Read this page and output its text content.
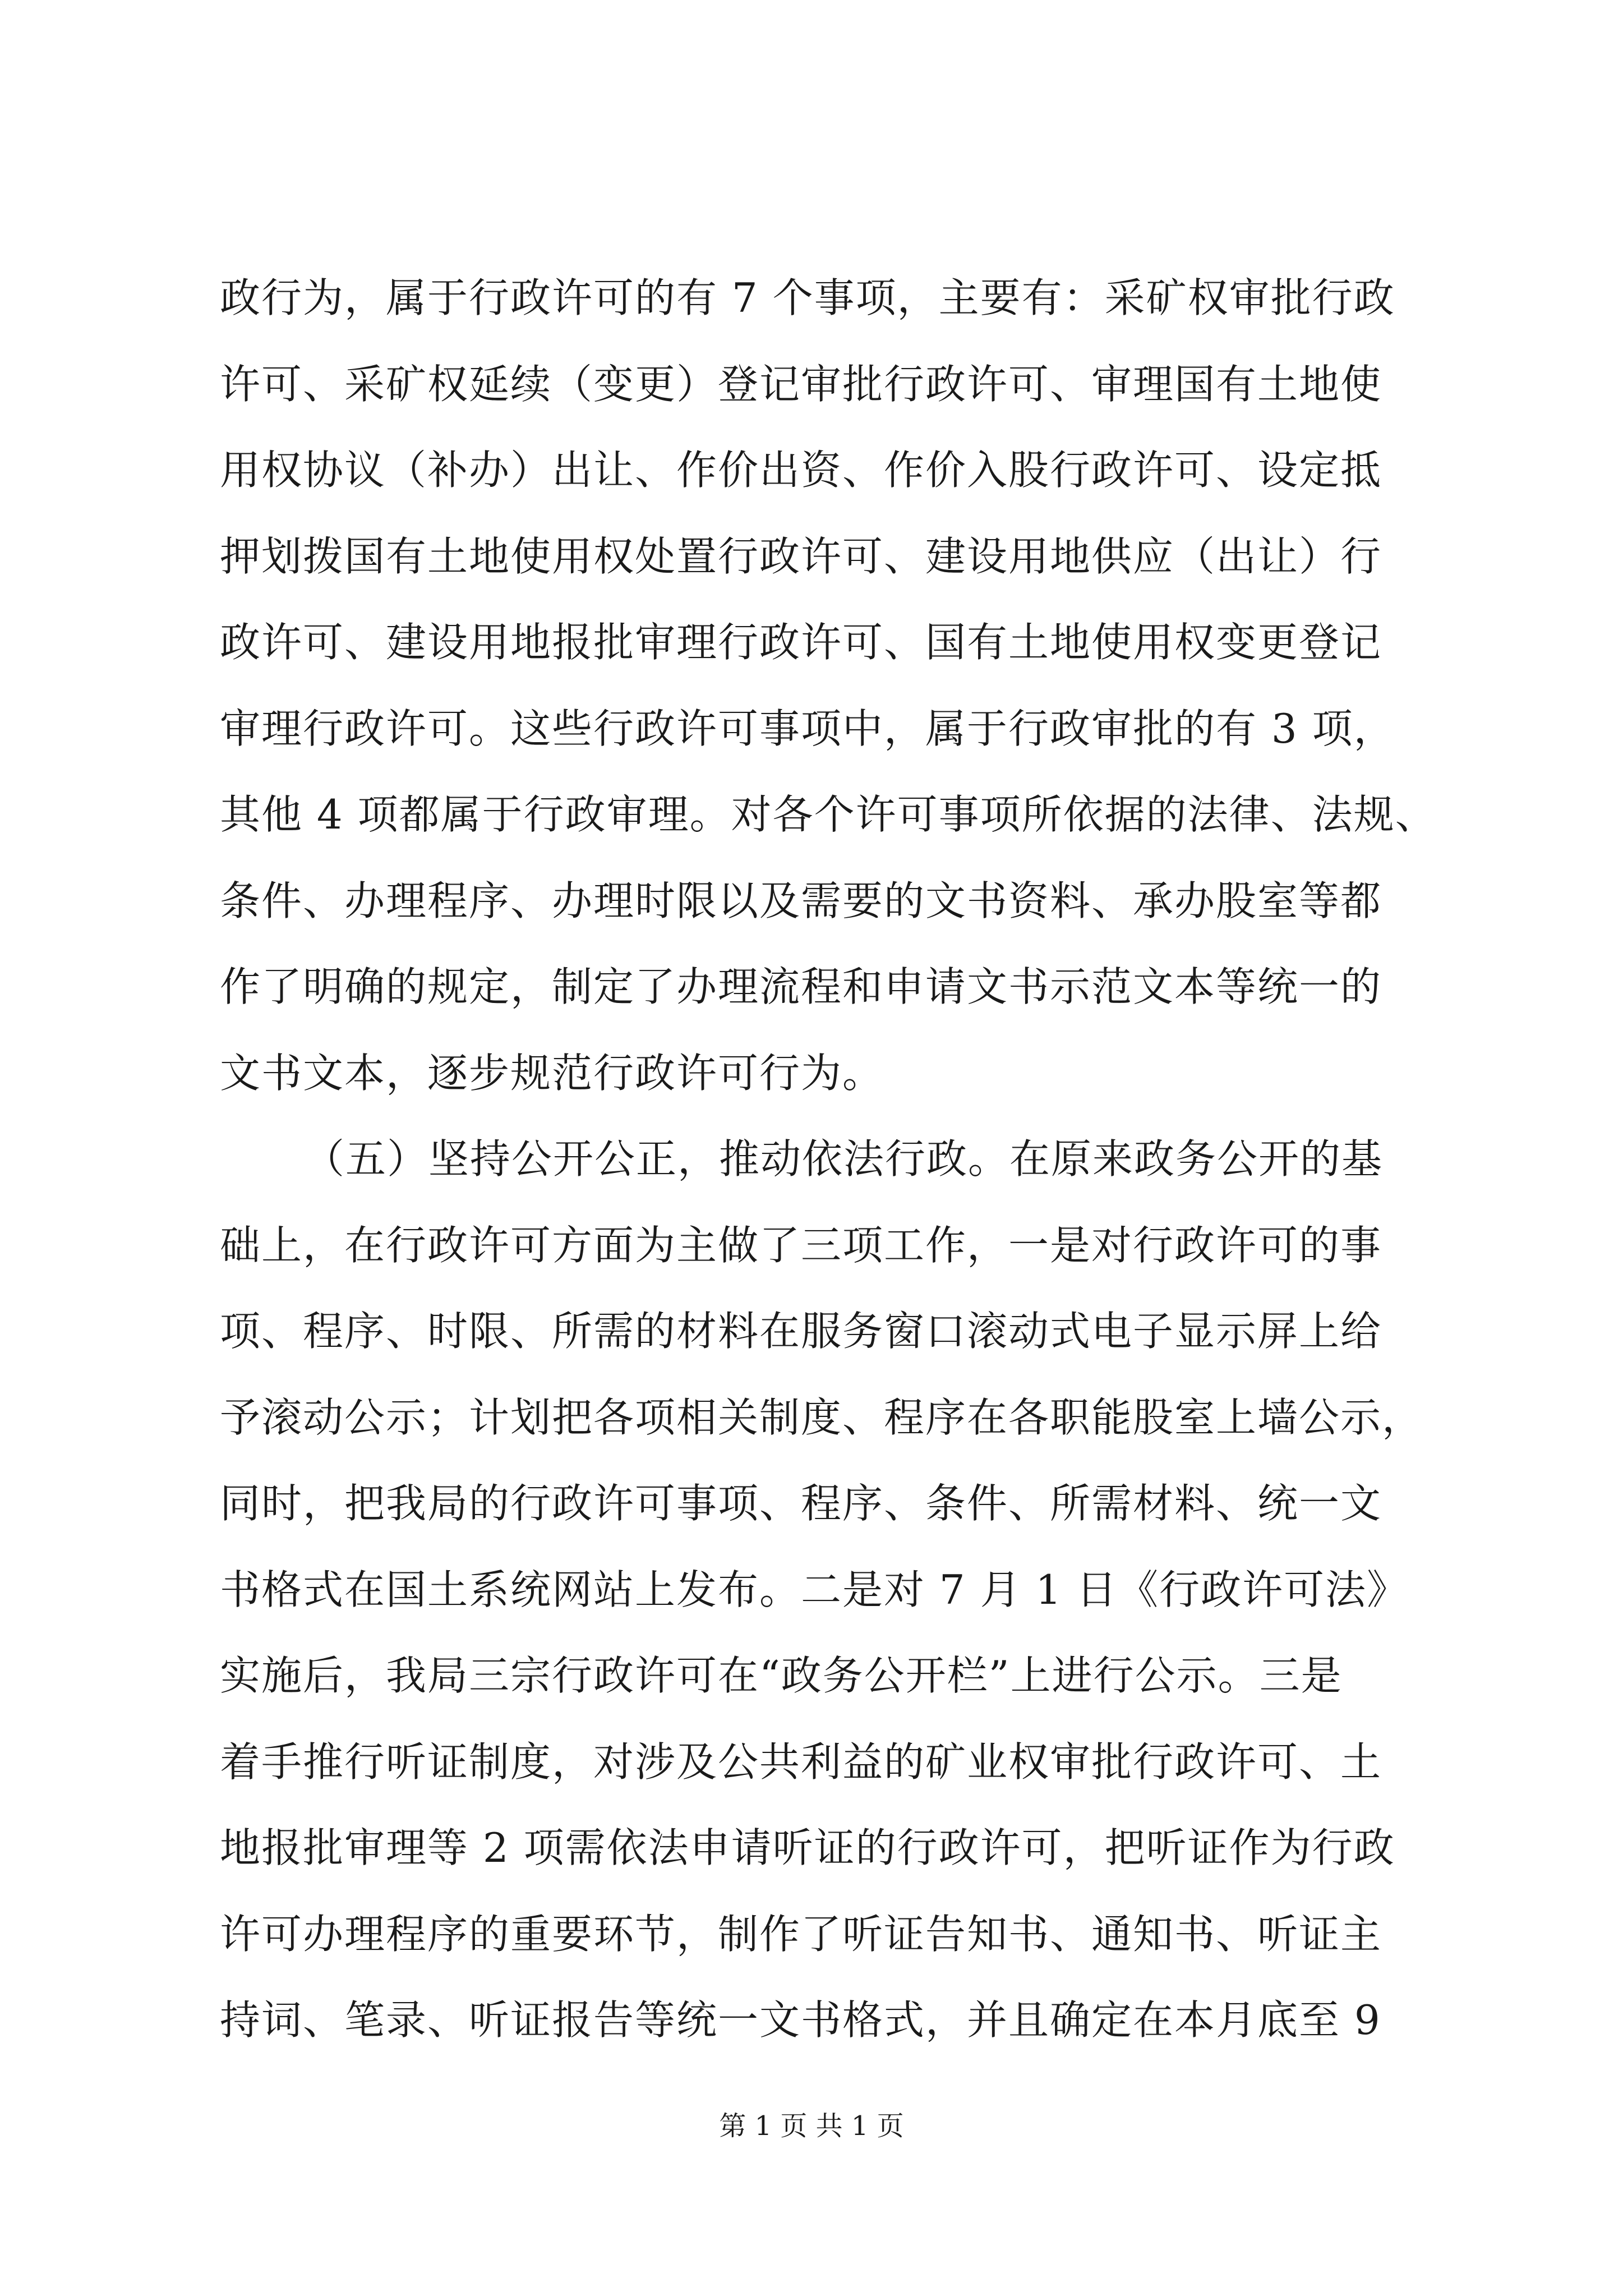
政行为，属于行政许可的有 7 个事项，主要有：采矿权审批行政
许可、采矿权延续（变更）登记审批行政许可、审理国有土地使
用权协议（补办）出让、作价出资、作价入股行政许可、设定抵
押划拨国有土地使用权处置行政许可、建设用地供应（出让）行
政许可、建设用地报批审理行政许可、国有土地使用权变更登记
审理行政许可。这些行政许可事项中，属于行政审批的有 3 项，
其他 4 项都属于行政审理。对各个许可事项所依据的法律、法规、
条件、办理程序、办理时限以及需要的文书资料、承办股室等都
作了明确的规定，制定了办理流程和申请文书示范文本等统一的
文书文本，逐步规范行政许可行为。
（五）坚持公开公正，推动依法行政。在原来政务公开的基
础上，在行政许可方面为主做了三项工作，一是对行政许可的事
项、程序、时限、所需的材料在服务窗口滚动式电子显示屏上给
予滚动公示；计划把各项相关制度、程序在各职能股室上墙公示，
同时，把我局的行政许可事项、程序、条件、所需材料、统一文
书格式在国土系统网站上发布。二是对 7 月 1 日《行政许可法》
实施后，我局三宗行政许可在“政务公开栏”上进行公示。三是
着手推行听证制度，对涉及公共利益的矿业权审批行政许可、土
地报批审理等 2 项需依法申请听证的行政许可，把听证作为行政
许可办理程序的重要环节，制作了听证告知书、通知书、听证主
持词、笔录、听证报告等统一文书格式，并且确定在本月底至 9
第 1 页 共 1 页
